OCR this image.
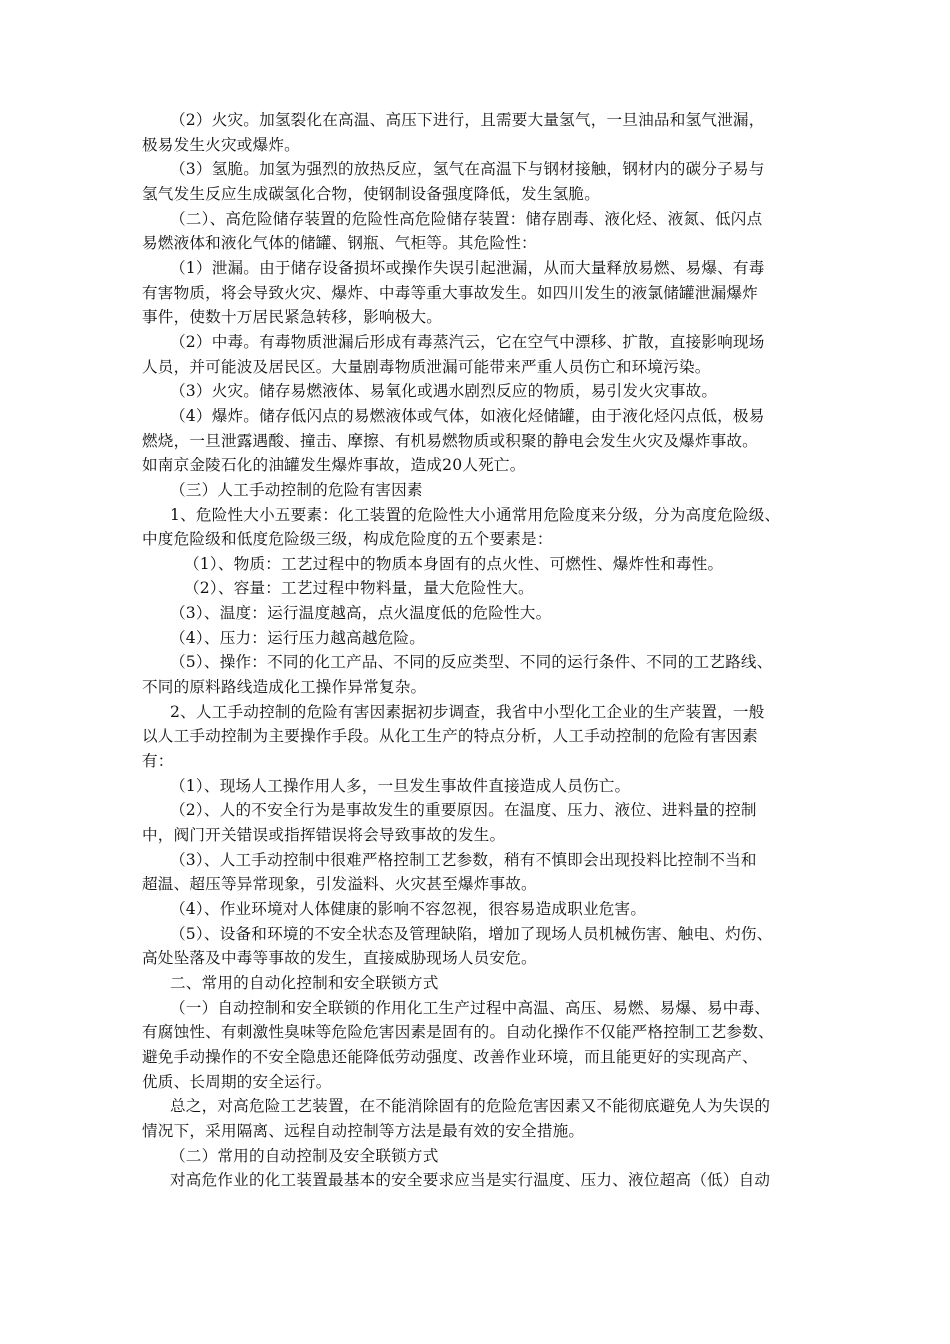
（2）火灾。加氢裂化在高温、高压下进行，且需要大量氢气，一旦油品和氢气泄漏，
极易发生火灾或爆炸。
（3）氢脆。加氢为强烈的放热反应，氢气在高温下与钢材接触，钢材内的碳分子易与
氢气发生反应生成碳氢化合物，使钢制设备强度降低，发生氢脆。
（二）、高危险储存装置的危险性高危险储存装置：储存剧毒、液化烃、液氮、低闪点
易燃液体和液化气体的储罐、钢瓶、气柜等。其危险性：
（1）泄漏。由于储存设备损坏或操作失误引起泄漏，从而大量释放易燃、易爆、有毒
有害物质，将会导致火灾、爆炸、中毒等重大事故发生。如四川发生的液氯储罐泄漏爆炸
事件，使数十万居民紧急转移，影响极大。
（2）中毒。有毒物质泄漏后形成有毒蒸汽云，它在空气中漂移、扩散，直接影响现场
人员，并可能波及居民区。大量剧毒物质泄漏可能带来严重人员伤亡和环境污染。
（3）火灾。储存易燃液体、易氧化或遇水剧烈反应的物质，易引发火灾事故。
（4）爆炸。储存低闪点的易燃液体或气体，如液化烃储罐，由于液化烃闪点低，极易
燃烧，一旦泄露遇酸、撞击、摩擦、有机易燃物质或积聚的静电会发生火灾及爆炸事故。
如南京金陵石化的油罐发生爆炸事故，造成20人死亡。
（三）人工手动控制的危险有害因素
1、危险性大小五要素：化工装置的危险性大小通常用危险度来分级，分为高度危险级、
中度危险级和低度危险级三级，构成危险度的五个要素是：
（1）、物质：工艺过程中的物质本身固有的点火性、可燃性、爆炸性和毒性。
（2）、容量：工艺过程中物料量，量大危险性大。
（3）、温度：运行温度越高，点火温度低的危险性大。
（4）、压力：运行压力越高越危险。
（5）、操作：不同的化工产品、不同的反应类型、不同的运行条件、不同的工艺路线、
不同的原料路线造成化工操作异常复杂。
2、人工手动控制的危险有害因素据初步调查，我省中小型化工企业的生产装置，一般
以人工手动控制为主要操作手段。从化工生产的特点分析，人工手动控制的危险有害因素
有：
（1）、现场人工操作用人多，一旦发生事故件直接造成人员伤亡。
（2）、人的不安全行为是事故发生的重要原因。在温度、压力、液位、进料量的控制
中，阀门开关错误或指挥错误将会导致事故的发生。
（3）、人工手动控制中很难严格控制工艺参数，稍有不慎即会出现投料比控制不当和
超温、超压等异常现象，引发溢料、火灾甚至爆炸事故。
（4）、作业环境对人体健康的影响不容忽视，很容易造成职业危害。
（5）、设备和环境的不安全状态及管理缺陷，增加了现场人员机械伤害、触电、灼伤、
高处坠落及中毒等事故的发生，直接威胁现场人员安危。
二、常用的自动化控制和安全联锁方式
（一）自动控制和安全联锁的作用化工生产过程中高温、高压、易燃、易爆、易中毒、
有腐蚀性、有刺激性臭味等危险危害因素是固有的。自动化操作不仅能严格控制工艺参数、
避免手动操作的不安全隐患还能降低劳动强度、改善作业环境，而且能更好的实现高产、
优质、长周期的安全运行。
总之，对高危险工艺装置，在不能消除固有的危险危害因素又不能彻底避免人为失误的
情况下，采用隔离、远程自动控制等方法是最有效的安全措施。
（二）常用的自动控制及安全联锁方式
对高危作业的化工装置最基本的安全要求应当是实行温度、压力、液位超高（低）自动
